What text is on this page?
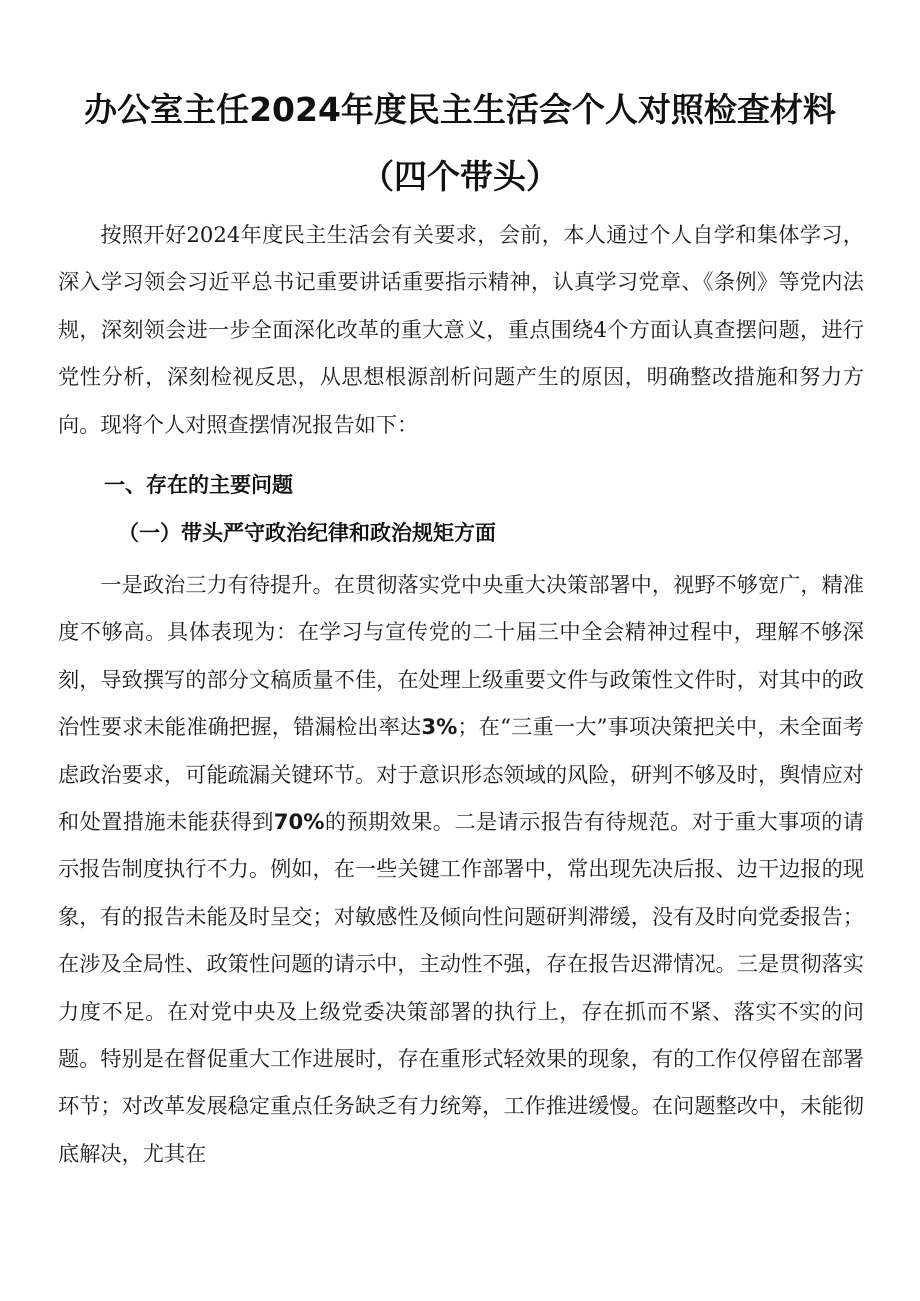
办公室主任2024年度民主生活会个人对照检查材料
（四个带头）

按照开好2024年度民主生活会有关要求，会前，本人通过个人自学和集体学习，深入学习领会习近平总书记重要讲话重要指示精神，认真学习党章、《条例》等党内法规，深刻领会进一步全面深化改革的重大意义，重点围绕4个方面认真查摆问题，进行党性分析，深刻检视反思，从思想根源剖析问题产生的原因，明确整改措施和努力方向。现将个人对照查摆情况报告如下：

一、存在的主要问题
（一）带头严守政治纪律和政治规矩方面

一是政治三力有待提升。在贯彻落实党中央重大决策部署中，视野不够宽广，精准度不够高。具体表现为：在学习与宣传党的二十届三中全会精神过程中，理解不够深刻，导致撰写的部分文稿质量不佳，在处理上级重要文件与政策性文件时，对其中的政治性要求未能准确把握，错漏检出率达3%；在“三重一大”事项决策把关中，未全面考虑政治要求，可能疏漏关键环节。对于意识形态领域的风险，研判不够及时，舆情应对和处置措施未能获得到70%的预期效果。二是请示报告有待规范。对于重大事项的请示报告制度执行不力。例如，在一些关键工作部署中，常出现先决后报、边干边报的现象，有的报告未能及时呈交；对敏感性及倾向性问题研判滞缓，没有及时向党委报告；在涉及全局性、政策性问题的请示中，主动性不强，存在报告迟滞情况。三是贯彻落实力度不足。在对党中央及上级党委决策部署的执行上，存在抓而不紧、落实不实的问题。特别是在督促重大工作进展时，存在重形式轻效果的现象，有的工作仅停留在部署环节；对改革发展稳定重点任务缺乏有力统筹，工作推进缓慢。在问题整改中，未能彻底解决，尤其在
